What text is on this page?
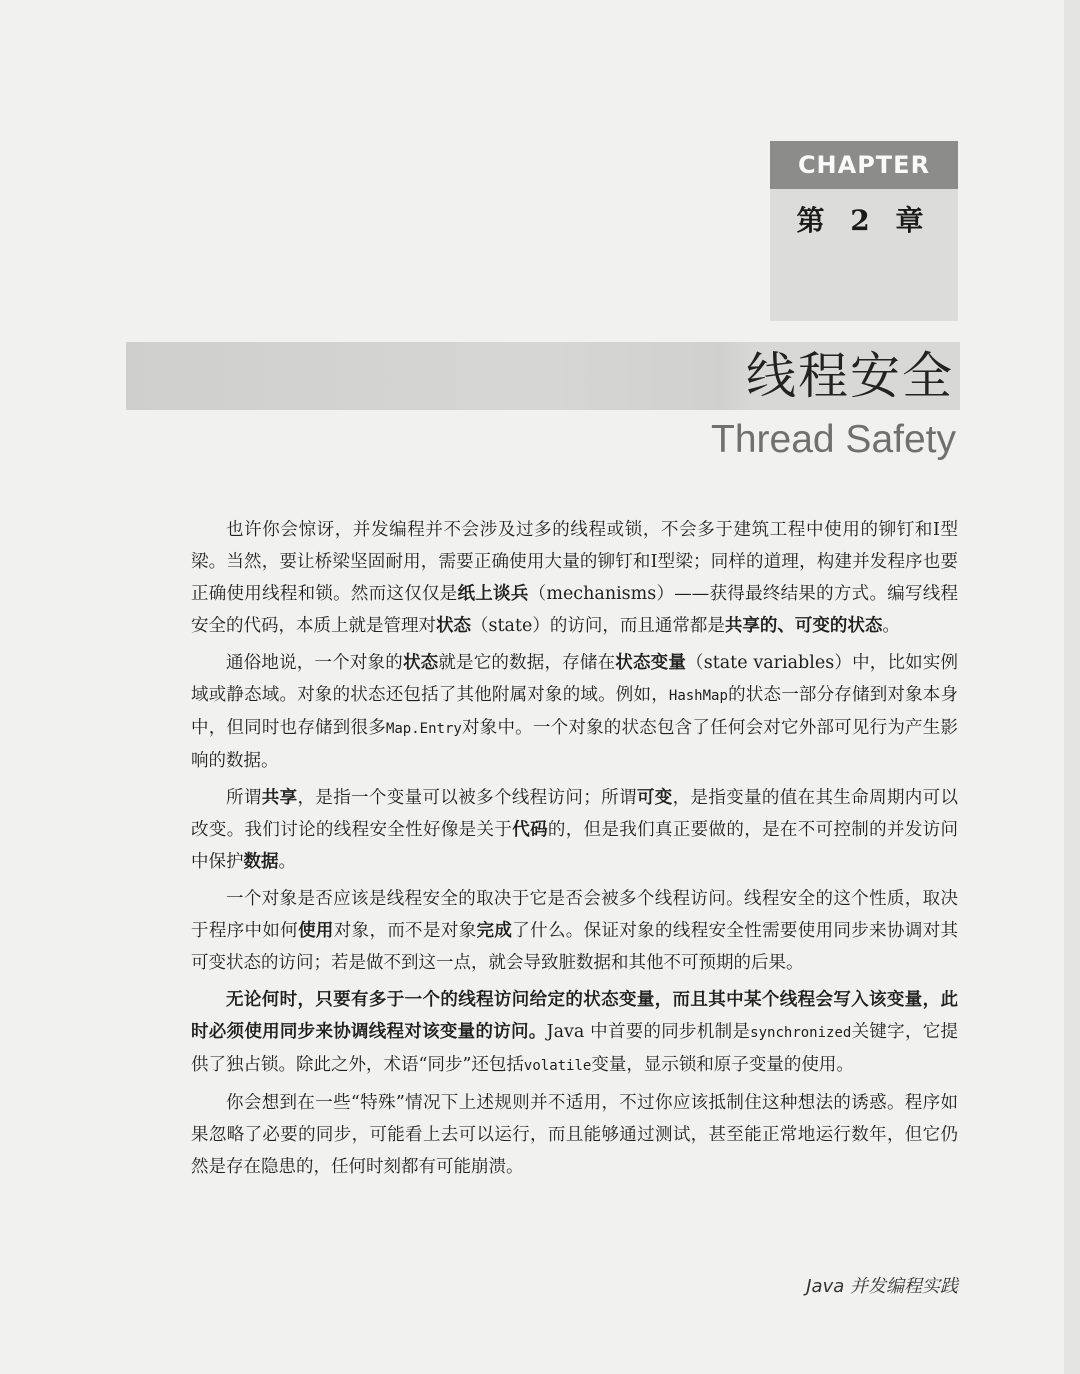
CHAPTER
第 2 章
线程安全
Thread Safety

也许你会惊讶，并发编程并不会涉及过多的线程或锁，不会多于建筑工程中使用的铆钉和I型梁。当然，要让桥梁坚固耐用，需要正确使用大量的铆钉和I型梁；同样的道理，构建并发程序也要正确使用线程和锁。然而这仅仅是纸上谈兵（mechanisms）——获得最终结果的方式。编写线程安全的代码，本质上就是管理对状态（state）的访问，而且通常都是共享的、可变的状态。

通俗地说，一个对象的状态就是它的数据，存储在状态变量（state variables）中，比如实例域或静态域。对象的状态还包括了其他附属对象的域。例如，HashMap的状态一部分存储到对象本身中，但同时也存储到很多Map.Entry对象中。一个对象的状态包含了任何会对它外部可见行为产生影响的数据。

所谓共享，是指一个变量可以被多个线程访问；所谓可变，是指变量的值在其生命周期内可以改变。我们讨论的线程安全性好像是关于代码的，但是我们真正要做的，是在不可控制的并发访问中保护数据。

一个对象是否应该是线程安全的取决于它是否会被多个线程访问。线程安全的这个性质，取决于程序中如何使用对象，而不是对象完成了什么。保证对象的线程安全性需要使用同步来协调对其可变状态的访问；若是做不到这一点，就会导致脏数据和其他不可预期的后果。

无论何时，只要有多于一个的线程访问给定的状态变量，而且其中某个线程会写入该变量，此时必须使用同步来协调线程对该变量的访问。Java 中首要的同步机制是synchronized关键字，它提供了独占锁。除此之外，术语“同步”还包括volatile变量，显示锁和原子变量的使用。

你会想到在一些“特殊”情况下上述规则并不适用，不过你应该抵制住这种想法的诱惑。程序如果忽略了必要的同步，可能看上去可以运行，而且能够通过测试，甚至能正常地运行数年，但它仍然是存在隐患的，任何时刻都有可能崩溃。

Java 并发编程实践
